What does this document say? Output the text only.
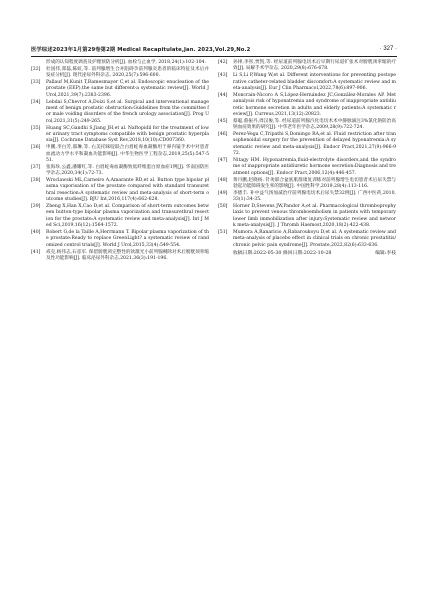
医学综述2023年1月第29卷第2期 Medical Recapitulate,Jan. 2023,Vol.29,No.2	· 327 ·
形成的认知程度调查及护理预防分析[J]. 血栓与止血学, 2018,24(1):102-104.
[32]	杜国伟,郑磊,陈虹,等. 前列腺增生合并阻碍孕前列腺炎患者的临床特征及术后并发症分析[J]. 现代泌尿外科杂志, 2020,25(7):596-600.
[33]	Pallauf M,Kunit T,Ramesmayer C,et al. Endoscopic enucleation of the prostate (EEP),the same but different-a systematic review[J]. World J Urol,2021,39(7):2383-2396.
[34]	Lebdai S,Chevrot A,Doizi S,et al. Surgical and interventional management of benign prostatic obstruction:Guidelines from the committee for male voiding disorders of the french urology association[J]. Prog Urol,2021,31(5):249-265.
[35]	Huang SC,Gandhi S,Jiang JH,et al. Naftopidil for the treatment of lower urinary tract symptoms compatible with benign prostatic hyperplasia[J]. Cochrane Database Syst Rev,2018,10(10):CD007360.
[36]	申鹏,李白芳,邵琳,等. 右美托咪啶联合白眉蛇毒血凝酶用于鼻内镜手术中对患者血流动力学水平和凝血功能影响[J]. 中华生物医学工程杂志,2019,25(5):547-551.
[37]	张海珍,公鑫,潘耀红,等. 白眉蛇毒血凝酶致低纤维蛋白原血症1例[J]. 华南国防医学杂志,2020,34(1):72-73.
[38]	Wroclawski ML,Carneiro A,Amarante RD,et al. Button type bipolar plasma vaporisation of the prostate compared with standard transurethral resection:A systematic review and meta-analysis of short-term outcome studies[J]. BJU Int,2016,117(4):662-628.
[39]	Zheng X,Han X,Cao D,et al. Comparison of short-term outcomes between button-type bipolar plasma vaporization and transurethral resection for the prostate:A systematic review and meta-analysis[J]. Int J Med Sci,2019,16(12):1564-1572.
[40]	Robert G,de la Taille A,Herrmann T. Bipolar plasma vaporization of the prostate:Ready to replace GreenLight? a systematic review of randomized control trials[J]. World J Urol,2015,33(4):549-554.
[41]	戒克,杨伟志,石彦军. 保留膀胱颈完整性的钬激光小前列腺剜除对术后膀胱颈挛缩及性功能影响[J]. 临床泌尿外科杂志,2021,36(3):191-196.
[42]	孙律,李彤,贾凯,等. 经尿道前列腺电切术后早期行尿道扩张术对膀胱颈挛缩的疗效[J]. 局解手术学杂志, 2020,29(8):676-678.
[43]	Li S,Li P,Wang W,et al. Different interventions for preventing postoperative catheter-related bladder discomfort:A systematic review and meta-analysis[J]. Eur J Clin Pharmacol,2022,78(6):897-906.
[44]	Moncrain-Nicoro A S,López-Hernández JC,González-Morales AP. Metaanalysis risk of hyponatremia and syndrome of inappropriate antidiuretic hormone secretion in adults and elderly patients:A systematic review[J]. Curreus,2021,13(12):20823.
[45]	蔡聪,蔡振丹,周汉俊,等. 经尿道前列腺汽化电切术术中静脉滴注3%氯化钠防治高钠血症效果的研究[J]. 中华老年医学杂志,2009,28(9):722-724.
[46]	Perez-Vega C,Tripathi S,Domingo RA,et al. Fluid restriction after transsphenoidal surgery for the prevention of delayed hyponatremia:A systematic review and meta-analysis[J]. Endocr Pract,2021,27(9):966-972.
[47]	Nitagy HM. Hyponatremia,fluid-electrolyte disorders,and the syndrome of inappropriate antidiuretic hormone secretion:Diagnosis and treatment options[J]. Endocr Pract,2006,12(4):446-457.
[48]	黄丹鹏,赵晓杨. 针灸联合盆底肌群康复训练对前列腺增生电切患者术后尿失禁与勃起功能障碍发生率的影响[J]. 中国性科学,2019,28(4):113-116.
[49]	李德丰. 补中益气汤加减治疗前列腺电切术后尿失禁32例[J]. 广西中医药,2010,33(1):34-35.
[50]	Horner D,Stevens JW,Pandor A,et al. Pharmacological thromboprophylaxis to prevent venous thromboembolism in patients with temporary lower limb immobilization after injury:Systematic review and network meta-analysis[J]. J Thromb Haemost,2020,18(2):422-438.
[51]	Mumora A,Ranaricio A,Rabaroukoyu D,et al. A systematic review and meta-analysis of placebo effect in clinical trials on chronic prostatitis/chronic pelvic pain syndrome[J]. Prostate,2022,82(6):633-636.
收稿日期:2022-05-30 修回日期:2022-10-28	编辑:李枝
